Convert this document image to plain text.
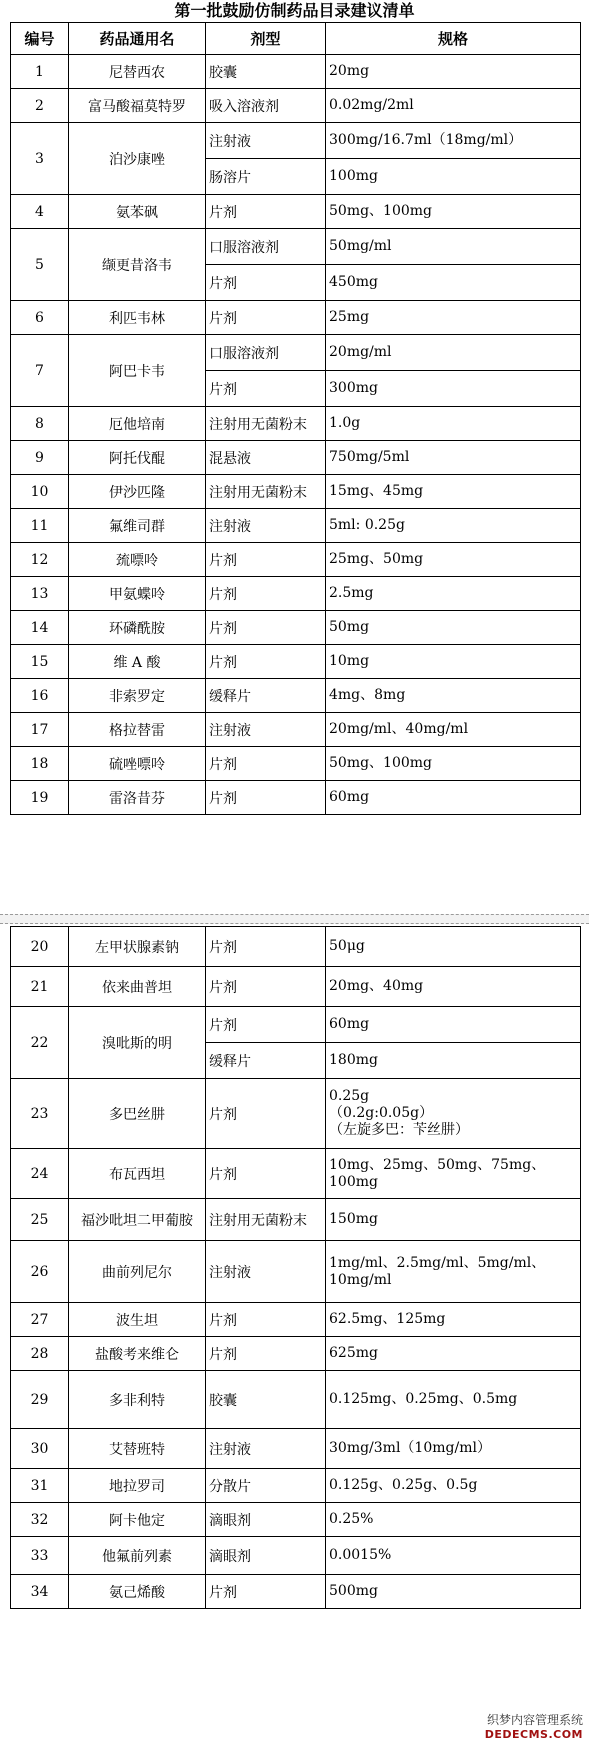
第一批鼓励仿制药品目录建议清单
编号	药品通用名	剂型	规格
1	尼替西农	胶囊	20mg
2	富马酸福莫特罗	吸入溶液剂	0.02mg/2ml
3	泊沙康唑	注射液	300mg/16.7ml（18mg/ml）
		肠溶片	100mg
4	氨苯砜	片剂	50mg、100mg
5	缬更昔洛韦	口服溶液剂	50mg/ml
		片剂	450mg
6	利匹韦林	片剂	25mg
7	阿巴卡韦	口服溶液剂	20mg/ml
		片剂	300mg
8	厄他培南	注射用无菌粉末	1.0g
9	阿托伐醌	混悬液	750mg/5ml
10	伊沙匹隆	注射用无菌粉末	15mg、45mg
11	氟维司群	注射液	5ml: 0.25g
12	巯嘌呤	片剂	25mg、50mg
13	甲氨蝶呤	片剂	2.5mg
14	环磷酰胺	片剂	50mg
15	维 A 酸	片剂	10mg
16	非索罗定	缓释片	4mg、8mg
17	格拉替雷	注射液	20mg/ml、40mg/ml
18	硫唑嘌呤	片剂	50mg、100mg
19	雷洛昔芬	片剂	60mg
20	左甲状腺素钠	片剂	50μg
21	依来曲普坦	片剂	20mg、40mg
22	溴吡斯的明	片剂	60mg
		缓释片	180mg
23	多巴丝肼	片剂	0.25g
（0.2g:0.05g）
（左旋多巴：苄丝肼）
24	布瓦西坦	片剂	10mg、25mg、50mg、75mg、100mg
25	福沙吡坦二甲葡胺	注射用无菌粉末	150mg
26	曲前列尼尔	注射液	1mg/ml、2.5mg/ml、5mg/ml、10mg/ml
27	波生坦	片剂	62.5mg、125mg
28	盐酸考来维仑	片剂	625mg
29	多非利特	胶囊	0.125mg、0.25mg、0.5mg
30	艾替班特	注射液	30mg/3ml（10mg/ml）
31	地拉罗司	分散片	0.125g、0.25g、0.5g
32	阿卡他定	滴眼剂	0.25%
33	他氟前列素	滴眼剂	0.0015%
34	氨己烯酸	片剂	500mg
织梦内容管理系统
DEDECMS.COM
